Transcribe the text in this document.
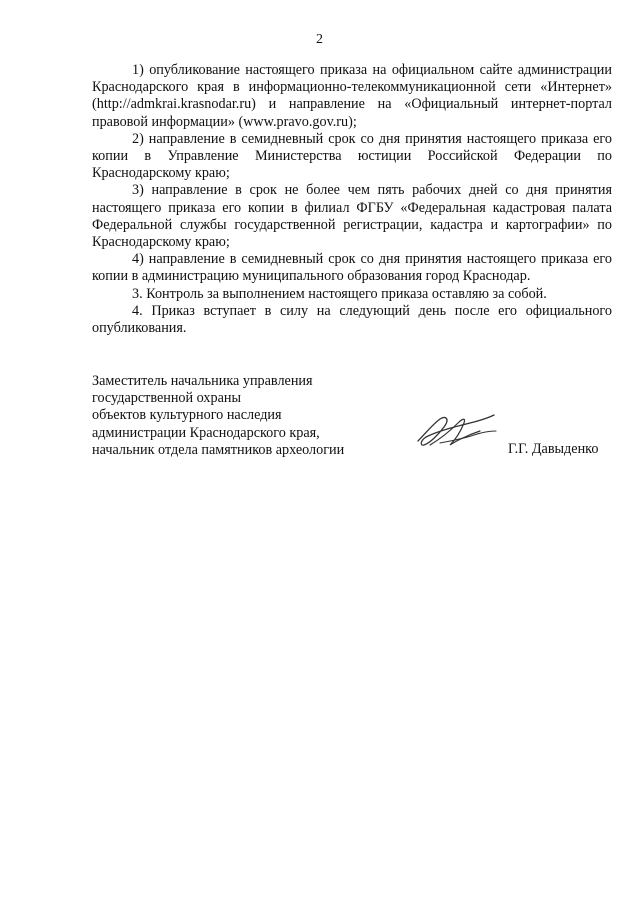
2

1) опубликование настоящего приказа на официальном сайте администрации Краснодарского края в информационно-телекоммуникационной сети «Интернет» (http://admkrai.krasnodar.ru) и направление на «Официальный интернет-портал правовой информации» (www.pravo.gov.ru);

2) направление в семидневный срок со дня принятия настоящего приказа его копии в Управление Министерства юстиции Российской Федерации по Краснодарскому краю;

3) направление в срок не более чем пять рабочих дней со дня принятия настоящего приказа его копии в филиал ФГБУ «Федеральная кадастровая палата Федеральной службы государственной регистрации, кадастра и картографии» по Краснодарскому краю;

4) направление в семидневный срок со дня принятия настоящего приказа его копии в администрацию муниципального образования город Краснодар.

3. Контроль за выполнением настоящего приказа оставляю за собой.

4. Приказ вступает в силу на следующий день после его официального опубликования.

Заместитель начальника управления
государственной охраны
объектов культурного наследия
администрации Краснодарского края,
начальник отдела памятников археологии	Г.Г. Давыденко
